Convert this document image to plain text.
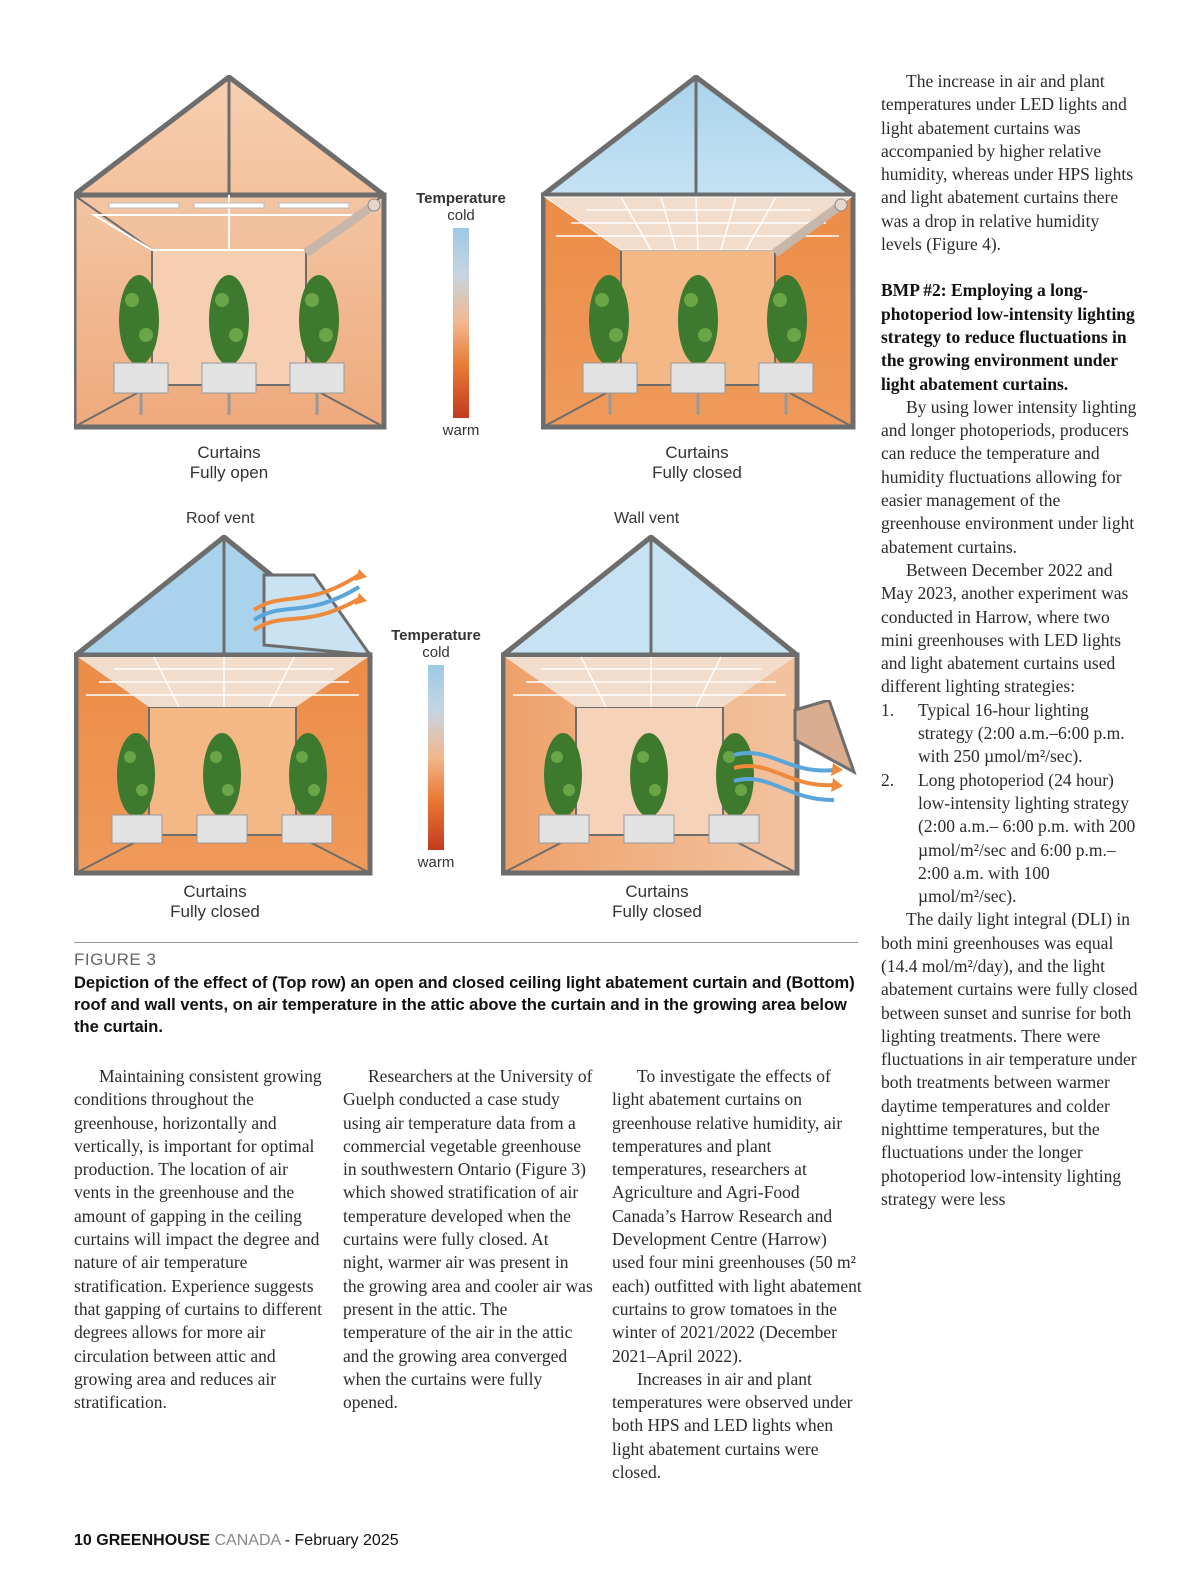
Curtains
Fully open
Temperature
cold
warm
Curtains
Fully closed
Roof vent	Wall vent
Curtains
Fully closed
Temperature
cold
warm
Curtains
Fully closed
FIGURE 3
Depiction of the effect of (Top row) an open and closed ceiling light abatement curtain and (Bottom) roof and wall vents, on air temperature in the attic above the curtain and in the growing area below the curtain.

Maintaining consistent growing conditions throughout the greenhouse, horizontally and vertically, is important for optimal production. The location of air vents in the greenhouse and the amount of gapping in the ceiling curtains will impact the degree and nature of air temperature stratification. Experience suggests that gapping of curtains to different degrees allows for more air circulation between attic and growing area and reduces air stratification.

Researchers at the University of Guelph conducted a case study using air temperature data from a commercial vegetable greenhouse in southwestern Ontario (Figure 3) which showed stratification of air temperature developed when the curtains were fully closed. At night, warmer air was present in the growing area and cooler air was present in the attic. The temperature of the air in the attic and the growing area converged when the curtains were fully opened.

To investigate the effects of light abatement curtains on greenhouse relative humidity, air temperatures and plant temperatures, researchers at Agriculture and Agri-Food Canada’s Harrow Research and Development Centre (Harrow) used four mini greenhouses (50 m² each) outfitted with light abatement curtains to grow tomatoes in the winter of 2021/2022 (December 2021–April 2022).

Increases in air and plant temperatures were observed under both HPS and LED lights when light abatement curtains were closed.

The increase in air and plant temperatures under LED lights and light abatement curtains was accompanied by higher relative humidity, whereas under HPS lights and light abatement curtains there was a drop in relative humidity levels (Figure 4).

BMP #2: Employing a long-photoperiod low-intensity lighting strategy to reduce fluctuations in the growing environment under light abatement curtains.

By using lower intensity lighting and longer photoperiods, producers can reduce the temperature and humidity fluctuations allowing for easier management of the greenhouse environment under light abatement curtains.

Between December 2022 and May 2023, another experiment was conducted in Harrow, where two mini greenhouses with LED lights and light abatement curtains used different lighting strategies:

1. Typical 16-hour lighting strategy (2:00 a.m.–6:00 p.m. with 250 µmol/m²/sec).
2. Long photoperiod (24 hour) low-intensity lighting strategy (2:00 a.m.– 6:00 p.m. with 200 µmol/m²/sec and 6:00 p.m.–2:00 a.m. with 100 µmol/m²/sec).

The daily light integral (DLI) in both mini greenhouses was equal (14.4 mol/m²/day), and the light abatement curtains were fully closed between sunset and sunrise for both lighting treatments. There were fluctuations in air temperature under both treatments between warmer daytime temperatures and colder nighttime temperatures, but the fluctuations under the longer photoperiod low-intensity lighting strategy were less

10 GREENHOUSE CANADA - February 2025
